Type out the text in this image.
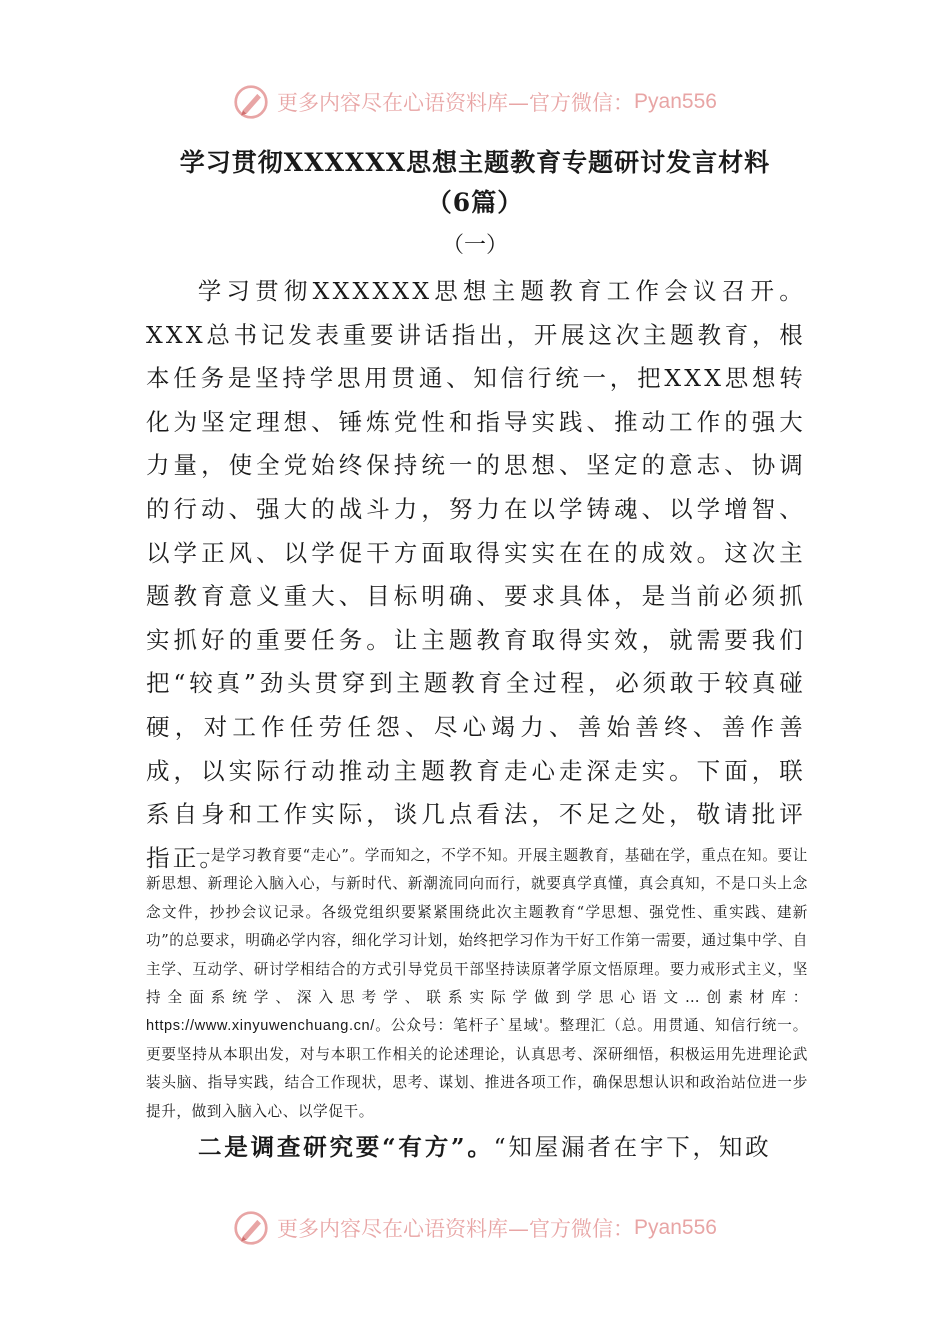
更多内容尽在心语资料库—官方微信： Pyan556
学习贯彻XXXXXX思想主题教育专题研讨发言材料
（6篇）
（一）

学习贯彻XXXXXX思想主题教育工作会议召开。XXX总书记发表重要讲话指出，开展这次主题教育，根本任务是坚持学思用贯通、知信行统一，把XXX思想转化为坚定理想、锤炼党性和指导实践、推动工作的强大力量，使全党始终保持统一的思想、坚定的意志、协调的行动、强大的战斗力，努力在以学铸魂、以学增智、以学正风、以学促干方面取得实实在在的成效。这次主题教育意义重大、目标明确、要求具体，是当前必须抓实抓好的重要任务。让主题教育取得实效，就需要我们把“较真”劲头贯穿到主题教育全过程，必须敢于较真碰硬，对工作任劳任怨、尽心竭力、善始善终、善作善成，以实际行动推动主题教育走心走深走实。下面，联系自身和工作实际，谈几点看法，不足之处，敬请批评指正。

一是学习教育要“走心”。学而知之，不学不知。开展主题教育，基础在学，重点在知。要让新思想、新理论入脑入心，与新时代、新潮流同向而行，就要真学真懂，真会真知，不是口头上念念文件，抄抄会议记录。各级党组织要紧紧围绕此次主题教育“学思想、强党性、重实践、建新功”的总要求，明确必学内容，细化学习计划，始终把学习作为干好工作第一需要，通过集中学、自主学、互动学、研讨学相结合的方式引导党员干部坚持读原著学原文悟原理。要力戒形式主义，坚持全面系统学、深入思考学、联系实际学做到学思心语文…创素材库：https://www.xinyuwenchuang.cn/。公众号：笔杆子`星域'。整理汇（总。用贯通、知信行统一。更要坚持从本职出发，对与本职工作相关的论述理论，认真思考、深研细悟，积极运用先进理论武装头脑、指导实践，结合工作现状，思考、谋划、推进各项工作，确保思想认识和政治站位进一步提升，做到入脑入心、以学促干。

二是调查研究要“有方”。“知屋漏者在宇下，知政

更多内容尽在心语资料库—官方微信： Pyan556
